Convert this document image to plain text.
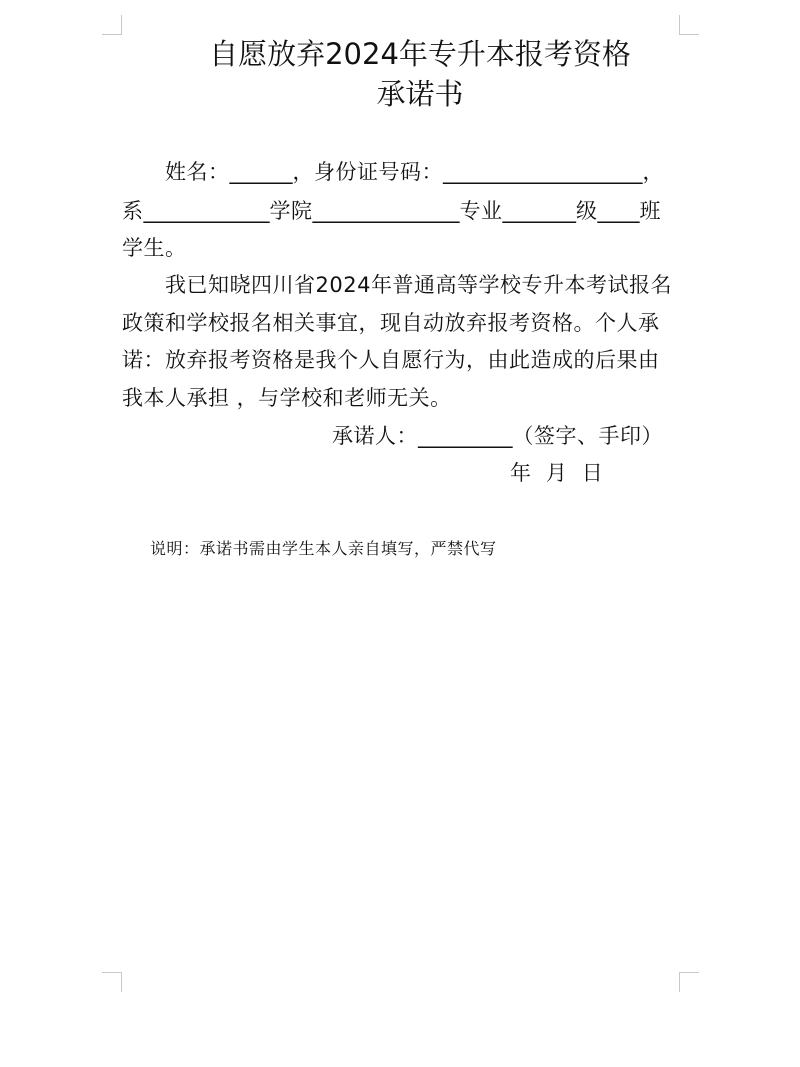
自愿放弃2024年专升本报考资格
承诺书
姓名：______，身份证号码：___________________，
系____________学院______________专业_______级____班
学生。
我已知晓四川省2024年普通高等学校专升本考试报名
政策和学校报名相关事宜，现自动放弃报考资格。个人承
诺：放弃报考资格是我个人自愿行为，由此造成的后果由
我本人承担 ，与学校和老师无关。
承诺人：_________（签字、手印）
年  月  日
说明：承诺书需由学生本人亲自填写，严禁代写
